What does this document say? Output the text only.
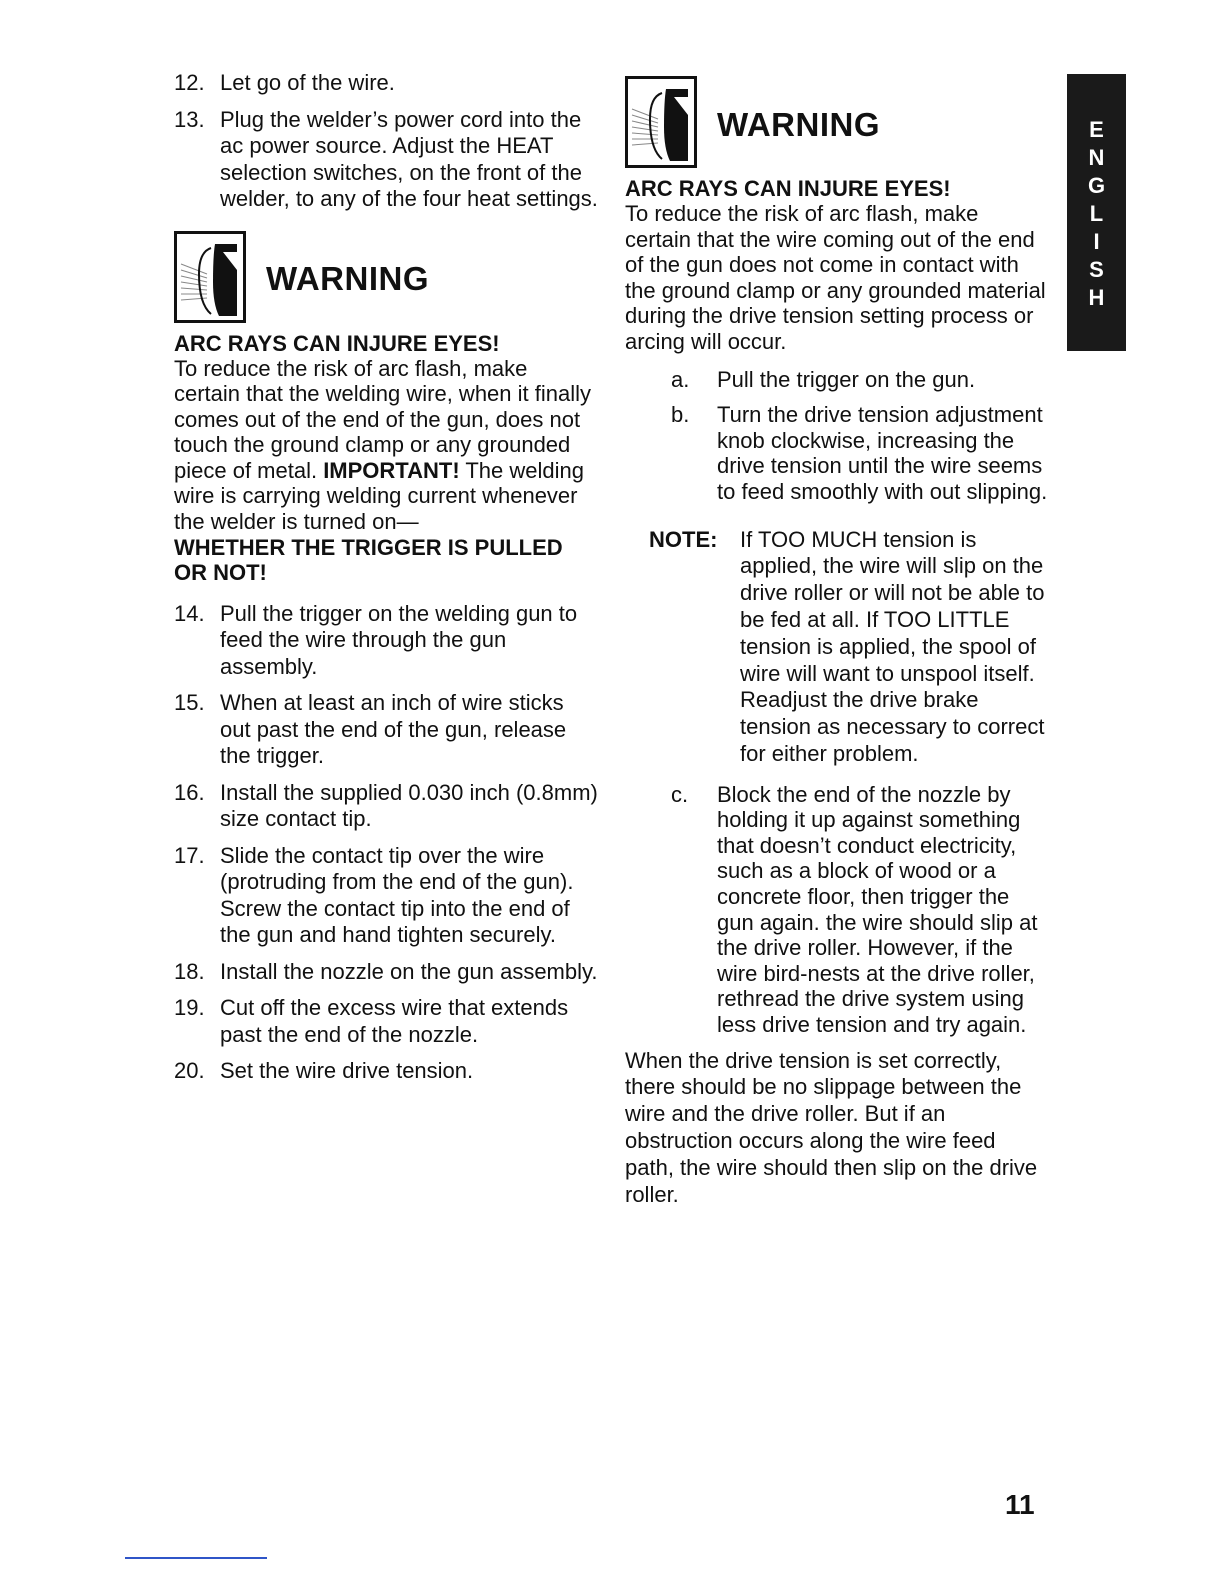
12. Let go of the wire.
13. Plug the welder’s power cord into the ac power source. Adjust the HEAT selection switches, on the front of the welder, to any of the four heat settings.
WARNING
ARC RAYS CAN INJURE EYES!
To reduce the risk of arc flash, make certain that the welding wire, when it finally comes out of the end of the gun, does not touch the ground clamp or any grounded piece of metal. IMPORTANT! The welding wire is carrying welding current whenever the welder is turned on—
WHETHER THE TRIGGER IS PULLED OR NOT!
14. Pull the trigger on the welding gun to feed the wire through the gun assembly.
15. When at least an inch of wire sticks out past the end of the gun, release the trigger.
16. Install the supplied 0.030 inch (0.8mm) size contact tip.
17. Slide the contact tip over the wire (protruding from the end of the gun). Screw the contact tip into the end of the gun and hand tighten securely.
18. Install the nozzle on the gun assembly.
19. Cut off the excess wire that extends past the end of the nozzle.
20. Set the wire drive tension.
WARNING
ARC RAYS CAN INJURE EYES!
To reduce the risk of arc flash, make certain that the wire coming out of the end of the gun does not come in contact with the ground clamp or any grounded material during the drive tension setting process or arcing will occur.
a. Pull the trigger on the gun.
b. Turn the drive tension adjustment knob clockwise, increasing the drive tension until the wire seems to feed smoothly with out slipping.
NOTE: If TOO MUCH tension is applied, the wire will slip on the drive roller or will not be able to be fed at all. If TOO LITTLE tension is applied, the spool of wire will want to unspool itself. Readjust the drive brake tension as necessary to correct for either problem.
c. Block the end of the nozzle by holding it up against something that doesn’t conduct electricity, such as a block of wood or a concrete floor, then trigger the gun again. the wire should slip at the drive roller. However, if the wire bird-nests at the drive roller, rethread the drive system using less drive tension and try again.
When the drive tension is set correctly, there should be no slippage between the wire and the drive roller. But if an obstruction occurs along the wire feed path, the wire should then slip on the drive roller.
E
N
G
L
I
S
H
11
